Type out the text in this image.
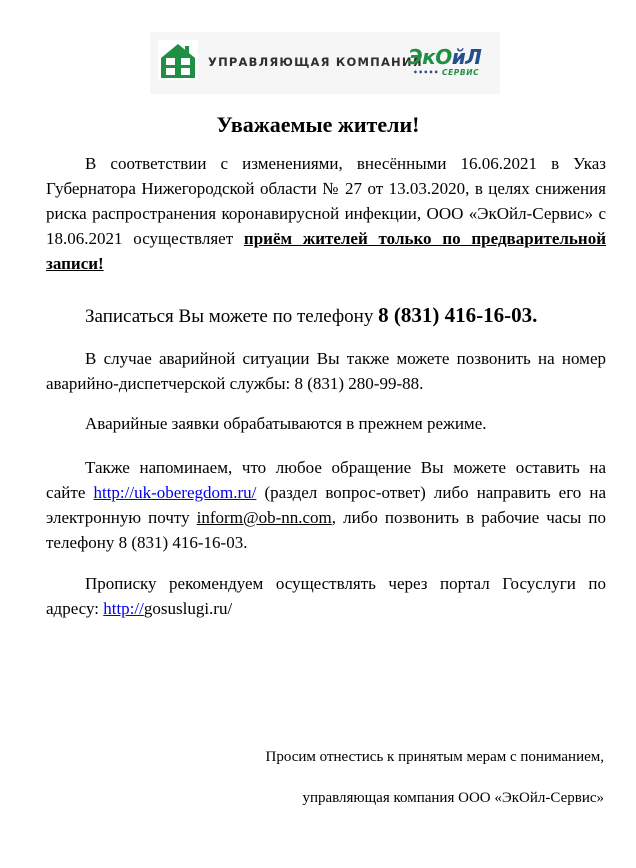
УПРАВЛЯЮЩАЯ КОМПАНИЯ
ЭкОйЛ
••••• СЕРВИС
Уважаемые жители!

В соответствии с изменениями, внесёнными 16.06.2021 в Указ Губернатора Нижегородской области № 27 от 13.03.2020, в целях снижения риска распространения коронавирусной инфекции, ООО «ЭкОйл-Сервис» с 18.06.2021 осуществляет приём жителей только по предварительной записи!

Записаться Вы можете по телефону 8 (831) 416-16-03.

В случае аварийной ситуации Вы также можете позвонить на номер аварийно-диспетчерской службы: 8 (831) 280-99-88.

Аварийные заявки обрабатываются в прежнем режиме.

Также напоминаем, что любое обращение Вы можете оставить на сайте http://uk-oberegdom.ru/ (раздел вопрос-ответ) либо направить его на электронную почту inform@ob-nn.com, либо позвонить в рабочие часы по телефону 8 (831) 416-16-03.

Прописку рекомендуем осуществлять через портал Госуслуги по адресу: http://gosuslugi.ru/

Просим отнестись к принятым мерам с пониманием,
управляющая компания ООО «ЭкОйл-Сервис»
